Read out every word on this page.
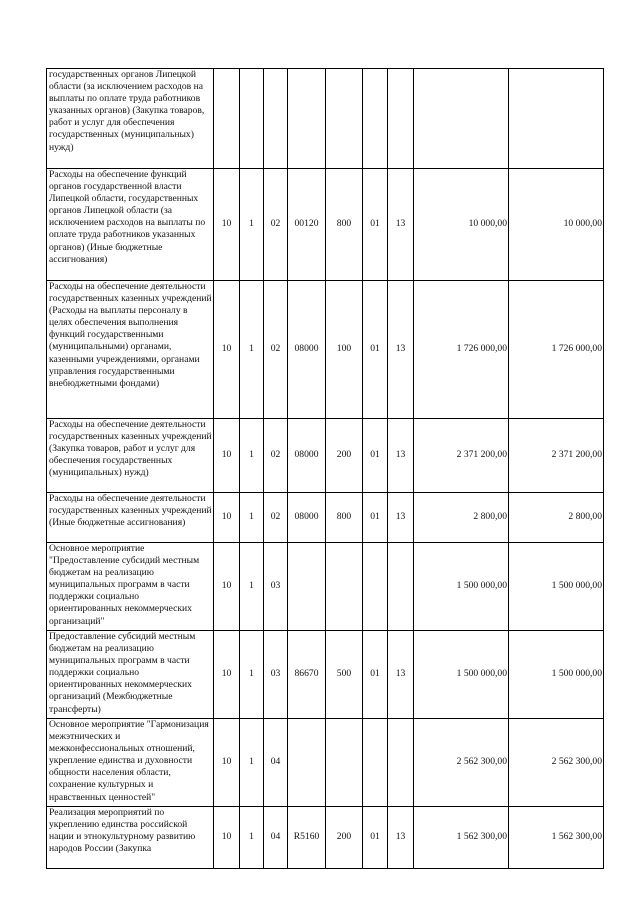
государственных органов Липецкой области (за исключением расходов на выплаты по оплате труда работников указанных органов) (Закупка товаров, работ и услуг для обеспечения государственных (муниципальных) нужд)									
Расходы на обеспечение функций органов государственной власти Липецкой области, государственных органов Липецкой области (за исключением расходов на выплаты по оплате труда работников указанных органов) (Иные бюджетные ассигнования)	10	1	02	00120	800	01	13	10 000,00	10 000,00
Расходы на обеспечение деятельности государственных казенных учреждений (Расходы на выплаты персоналу в целях обеспечения выполнения функций государственными (муниципальными) органами, казенными учреждениями, органами управления государственными внебюджетными фондами)	10	1	02	08000	100	01	13	1 726 000,00	1 726 000,00
Расходы на обеспечение деятельности государственных казенных учреждений (Закупка товаров, работ и услуг для обеспечения государственных (муниципальных) нужд)	10	1	02	08000	200	01	13	2 371 200,00	2 371 200,00
Расходы на обеспечение деятельности государственных казенных учреждений (Иные бюджетные ассигнования)	10	1	02	08000	800	01	13	2 800,00	2 800,00
Основное мероприятие "Предоставление субсидий местным бюджетам на реализацию муниципальных программ в части поддержки социально ориентированных некоммерческих организаций"	10	1	03					1 500 000,00	1 500 000,00
Предоставление субсидий местным бюджетам на реализацию муниципальных программ в части поддержки социально ориентированных некоммерческих организаций (Межбюджетные трансферты)	10	1	03	86670	500	01	13	1 500 000,00	1 500 000,00
Основное мероприятие "Гармонизация межэтнических и межконфессиональных отношений, укрепление единства и духовности общности населения области, сохранение культурных и нравственных ценностей"	10	1	04					2 562 300,00	2 562 300,00

Реализация мероприятий по укреплению единства российской нации и этнокультурному развитию народов России (Закупка	10	1	04	R5160	200	01	13	1 562 300,00	1 562 300,00
